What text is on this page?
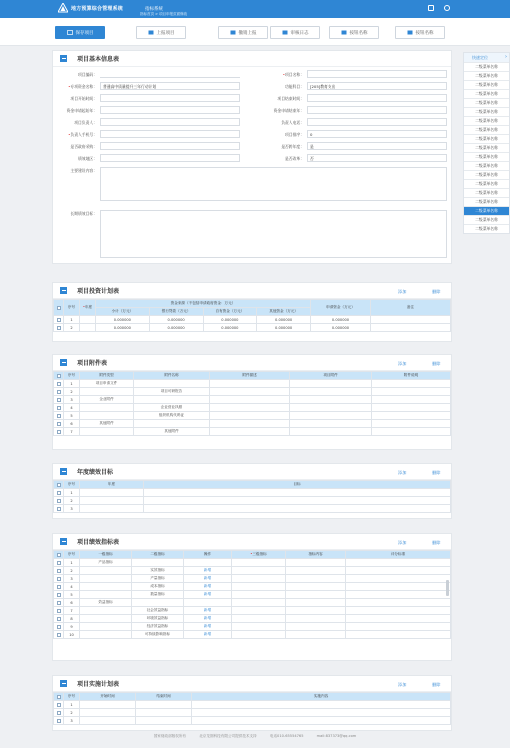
地方预算综合管理系统	指标系统
指标首页 > 项目申报页面修改
保存项目	上报项目	撤销上报	审核日志	按钮名称	按钮名称
项目基本信息表
项目编码：	•项目名称：
•专项资金名称：	普通高中质量提升三年行动计划	功能科目：	[205]教育支出
项目开始时间：	项目结束时间：
资金申请起始年：	资金申请结束年：
项目负责人：	负责人电话：
•负责人手机号：	项目排序：	0
是否政府采购：	是否跨年度：	是
绩效地区：	是否改革：	否
主要建设内容：
长期绩效目标：
项目投资计划表	添加	删除
	序号	•年度	资金来源（不包括申请政府资金：万元）				申请资金（万元）	备注
			小计（万元）	银行贷款（万元）	自有资金（万元）	其他资金（万元）		
	1		0.000000	0.000000	0.000000	0.000000	0.000000	
	2		0.000000	0.000000	0.000000	0.000000	0.000000	
项目附件表	添加	删除
	序号	附件类型	附件名称	附件描述	项目附件	附件说明
	1	项目申请文件				
	2		项目可研报告			
	3	企业附件				
	4		企业营业执照			
	5		组织机构代码证			
	6	其他附件				
	7		其他附件			
年度绩效目标	添加	删除
	序号	年度	目标
	1		
	2		
	3		
项目绩效指标表	添加	删除
	序号	一级指标	二级指标	操作	•三级指标	指标内容	评分标准
	1	产品指标					
	2		实效指标	新增			
	3		产量指标	新增			
	4		成本指标	新增			
	5		数量指标	新增			
	6	效益指标					
	7		社会效益指标	新增			
	8		环境效益指标	新增			
	9		经济效益指标	新增			
	10		可持续影响指标	新增			
项目实施计划表	添加	删除
	序号	开始时间	结束时间	实施内容
	1			
	2			
	3			
快速定位	›
二级菜单名称
二级菜单名称
二级菜单名称
二级菜单名称
二级菜单名称
二级菜单名称
二级菜单名称
二级菜单名称
二级菜单名称
二级菜单名称
二级菜单名称
二级菜单名称
二级菜单名称
二级菜单名称
二级菜单名称
二级菜单名称
二级菜单名称
二级菜单名称
二级菜单名称
国家财政部版权所有	北京龙图科技有限公司提供技术支持	电话010-65554765	mail:837373@qq.com
